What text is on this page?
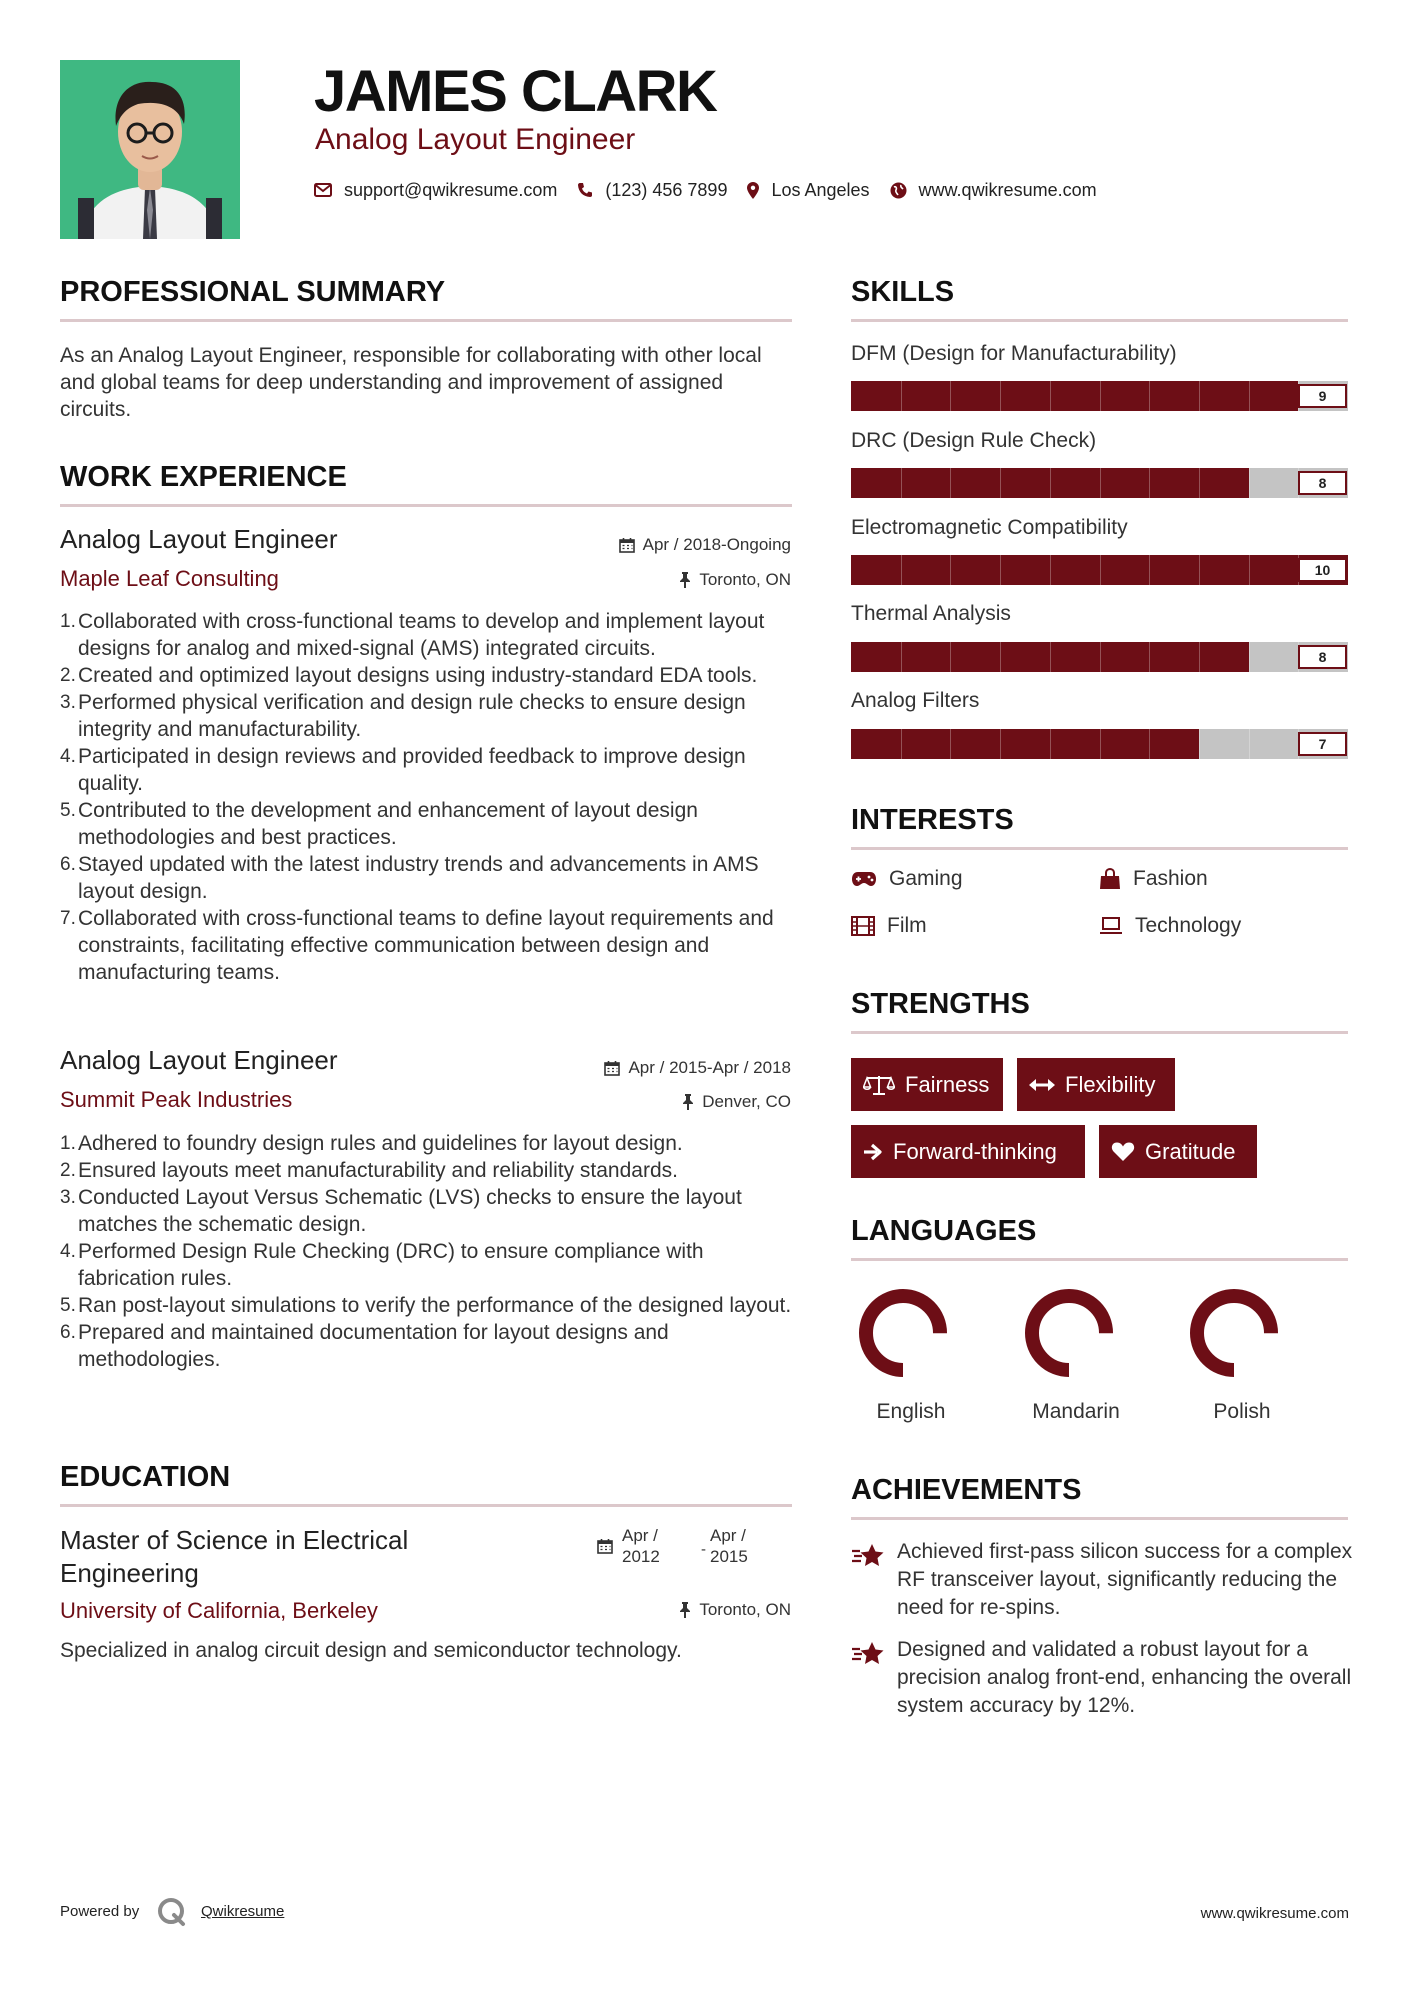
JAMES CLARK
Analog Layout Engineer
support@qwikresume.com	(123) 456 7899 Los Angeles	www.qwikresume.com
PROFESSIONAL SUMMARY
As an Analog Layout Engineer, responsible for collaborating with other local and global teams for deep understanding and improvement of assigned circuits.
WORK EXPERIENCE
Analog Layout Engineer	Apr / 2018-Ongoing
Maple Leaf Consulting	Toronto, ON
Collaborated with cross-functional teams to develop and implement layout designs for analog and mixed-signal (AMS) integrated circuits.
Created and optimized layout designs using industry-standard EDA tools.
Performed physical verification and design rule checks to ensure design integrity and manufacturability.
Participated in design reviews and provided feedback to improve design quality.
Contributed to the development and enhancement of layout design methodologies and best practices.
Stayed updated with the latest industry trends and advancements in AMS layout design.
Collaborated with cross-functional teams to define layout requirements and constraints, facilitating effective communication between design and manufacturing teams.
Analog Layout Engineer	Apr / 2015-Apr / 2018
Summit Peak Industries	Denver, CO
Adhered to foundry design rules and guidelines for layout design.
Ensured layouts meet manufacturability and reliability standards.
Conducted Layout Versus Schematic (LVS) checks to ensure the layout matches the schematic design.
Performed Design Rule Checking (DRC) to ensure compliance with fabrication rules.
Ran post-layout simulations to verify the performance of the designed layout.
Prepared and maintained documentation for layout designs and methodologies.
EDUCATION
Master of Science in Electrical Engineering
Apr /
2012	-
Apr /
2015
University of California, Berkeley	Toronto, ON
Specialized in analog circuit design and semiconductor technology.
SKILLS
DFM (Design for Manufacturability)
9
DRC (Design Rule Check)
8
Electromagnetic Compatibility
10
Thermal Analysis
8
Analog Filters
7
INTERESTS
Gaming	Fashion
Film	Technology
STRENGTHS
Fairness	Flexibility
Forward-thinking	Gratitude
LANGUAGES
English	Mandarin	Polish
ACHIEVEMENTS
Achieved first-pass silicon success for a complex RF transceiver layout, significantly reducing the need for re-spins.
Designed and validated a robust layout for a precision analog front-end, enhancing the overall system accuracy by 12%.
Powered by	Qwikresume	www.qwikresume.com
